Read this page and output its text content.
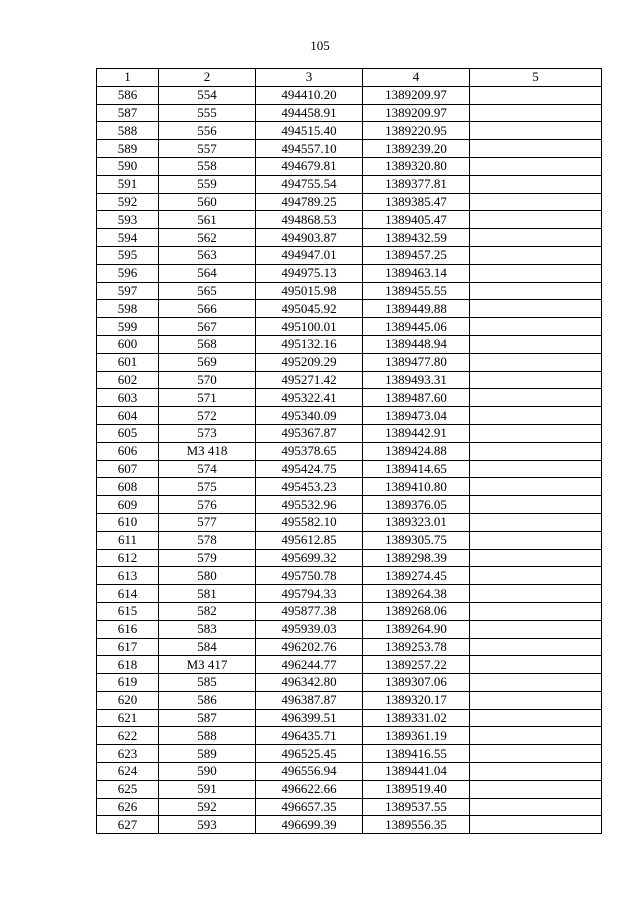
105
1	2	3	4	5
586	554	494410.20	1389209.97	
587	555	494458.91	1389209.97	
588	556	494515.40	1389220.95	
589	557	494557.10	1389239.20	
590	558	494679.81	1389320.80	
591	559	494755.54	1389377.81	
592	560	494789.25	1389385.47	
593	561	494868.53	1389405.47	
594	562	494903.87	1389432.59	
595	563	494947.01	1389457.25	
596	564	494975.13	1389463.14	
597	565	495015.98	1389455.55	
598	566	495045.92	1389449.88	
599	567	495100.01	1389445.06	
600	568	495132.16	1389448.94	
601	569	495209.29	1389477.80	
602	570	495271.42	1389493.31	
603	571	495322.41	1389487.60	
604	572	495340.09	1389473.04	
605	573	495367.87	1389442.91	
606	МЗ 418	495378.65	1389424.88	
607	574	495424.75	1389414.65	
608	575	495453.23	1389410.80	
609	576	495532.96	1389376.05	
610	577	495582.10	1389323.01	
611	578	495612.85	1389305.75	
612	579	495699.32	1389298.39	
613	580	495750.78	1389274.45	
614	581	495794.33	1389264.38	
615	582	495877.38	1389268.06	
616	583	495939.03	1389264.90	
617	584	496202.76	1389253.78	
618	МЗ 417	496244.77	1389257.22	
619	585	496342.80	1389307.06	
620	586	496387.87	1389320.17	
621	587	496399.51	1389331.02	
622	588	496435.71	1389361.19	
623	589	496525.45	1389416.55	
624	590	496556.94	1389441.04	
625	591	496622.66	1389519.40	
626	592	496657.35	1389537.55	
627	593	496699.39	1389556.35	
